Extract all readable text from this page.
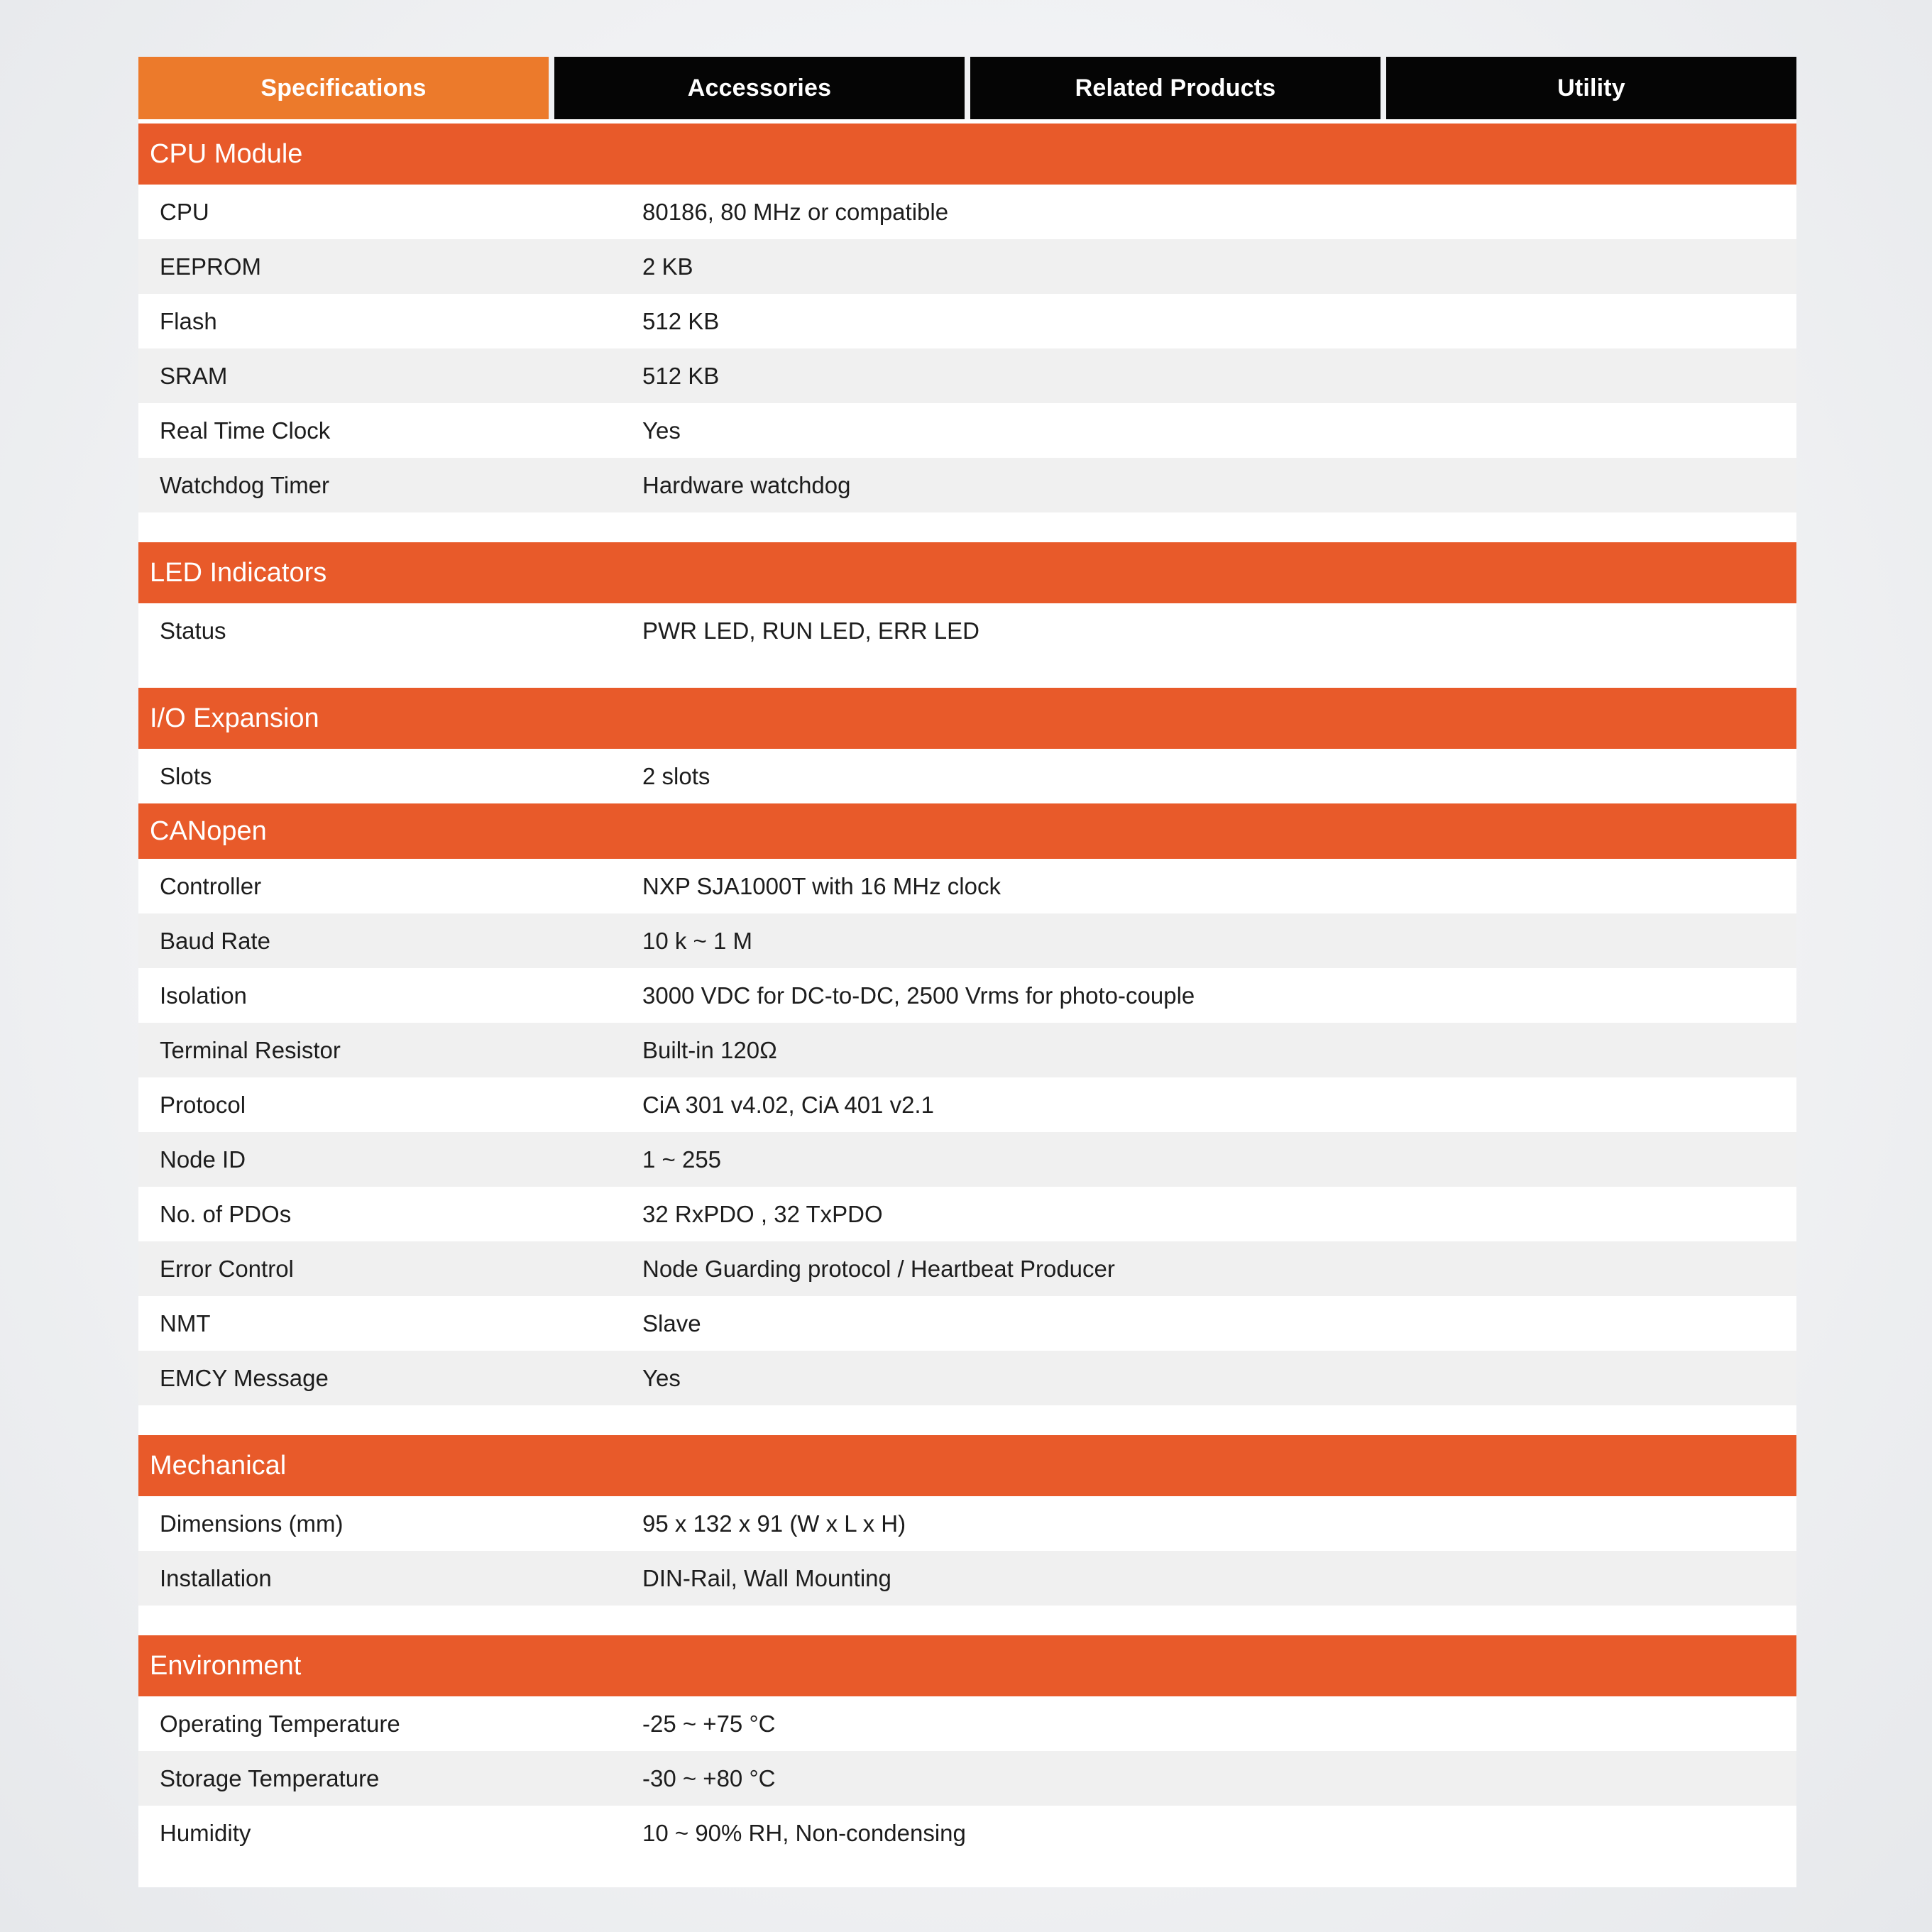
Specifications	Accessories	Related Products	Utility
CPU Module
CPU	80186, 80 MHz or compatible
EEPROM	2 KB
Flash	512 KB
SRAM	512 KB
Real Time Clock	Yes
Watchdog Timer	Hardware watchdog
LED Indicators
Status	PWR LED, RUN LED, ERR LED
I/O Expansion
Slots	2 slots
CANopen
Controller	NXP SJA1000T with 16 MHz clock
Baud Rate	10 k ~ 1 M
Isolation	3000 VDC for DC-to-DC, 2500 Vrms for photo-couple
Terminal Resistor	Built-in 120Ω
Protocol	CiA 301 v4.02, CiA 401 v2.1
Node ID	1 ~ 255
No. of PDOs	32 RxPDO , 32 TxPDO
Error Control	Node Guarding protocol / Heartbeat Producer
NMT	Slave
EMCY Message	Yes
Mechanical
Dimensions (mm)	95 x 132 x 91 (W x L x H)
Installation	DIN-Rail, Wall Mounting
Environment
Operating Temperature	-25 ~ +75 °C
Storage Temperature	-30 ~ +80 °C
Humidity	10 ~ 90% RH, Non-condensing
